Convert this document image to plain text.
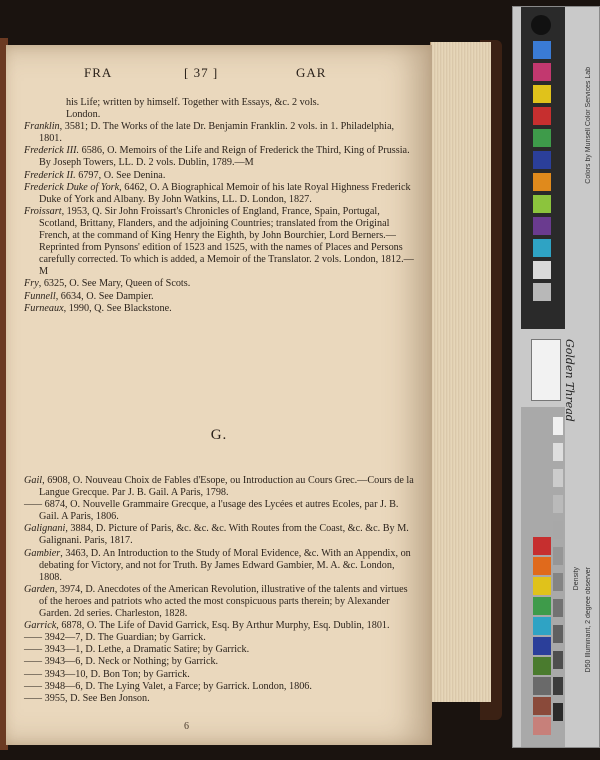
FRA	[ 37 ]	GAR

his Life; written by himself. Together with Essays, &c. 2 vols.

London.

Franklin, 3581; D. The Works of the late Dr. Benjamin Franklin. 2 vols. in 1. Philadelphia, 1801.

Frederick III. 6586, O. Memoirs of the Life and Reign of Frederick the Third, King of Prussia. By Joseph Towers, LL. D. 2 vols. Dublin, 1789.—M

Frederick II. 6797, O. See Denina.

Frederick Duke of York, 6462, O. A Biographical Memoir of his late Royal Highness Frederick Duke of York and Albany. By John Watkins, LL. D. London, 1827.

Froissart, 1953, Q. Sir John Froissart's Chronicles of England, France, Spain, Portugal, Scotland, Brittany, Flanders, and the adjoining Countries; translated from the Original French, at the command of King Henry the Eighth, by John Bourchier, Lord Berners.—Reprinted from Pynsons' edition of 1523 and 1525, with the names of Places and Persons carefully corrected. To which is added, a Memoir of the Translator. 2 vols. London, 1812.—M

Fry, 6325, O. See Mary, Queen of Scots.

Funnell, 6634, O. See Dampier.

Furneaux, 1990, Q. See Blackstone.

G.

Gail, 6908, O. Nouveau Choix de Fables d'Esope, ou Introduction au Cours Grec.—Cours de la Langue Grecque. Par J. B. Gail. A Paris, 1798.

—— 6874, O. Nouvelle Grammaire Grecque, a l'usage des Lycées et autres Ecoles, par J. B. Gail. A Paris, 1806.

Galignani, 3884, D. Picture of Paris, &c. &c. &c. With Routes from the Coast, &c. &c. By M. Galignani. Paris, 1817.

Gambier, 3463, D. An Introduction to the Study of Moral Evidence, &c. With an Appendix, on debating for Victory, and not for Truth. By James Edward Gambier, M. A. &c. London, 1808.

Garden, 3974, D. Anecdotes of the American Revolution, illustrative of the talents and virtues of the heroes and patriots who acted the most conspicuous parts therein; by Alexander Garden. 2d series. Charleston, 1828.

Garrick, 6878, O. The Life of David Garrick, Esq. By Arthur Murphy, Esq. Dublin, 1801.

—— 3942—7, D. The Guardian; by Garrick.

—— 3943—1, D. Lethe, a Dramatic Satire; by Garrick.

—— 3943—6, D. Neck or Nothing; by Garrick.

—— 3943—10, D. Bon Ton; by Garrick.

—— 3948—6, D. The Lying Valet, a Farce; by Garrick. London, 1806.

—— 3955, D. See Ben Jonson.

6
Golden Thread
Colors by Munsell Color Services Lab
D50 Illuminant, 2 degree observer
Density
